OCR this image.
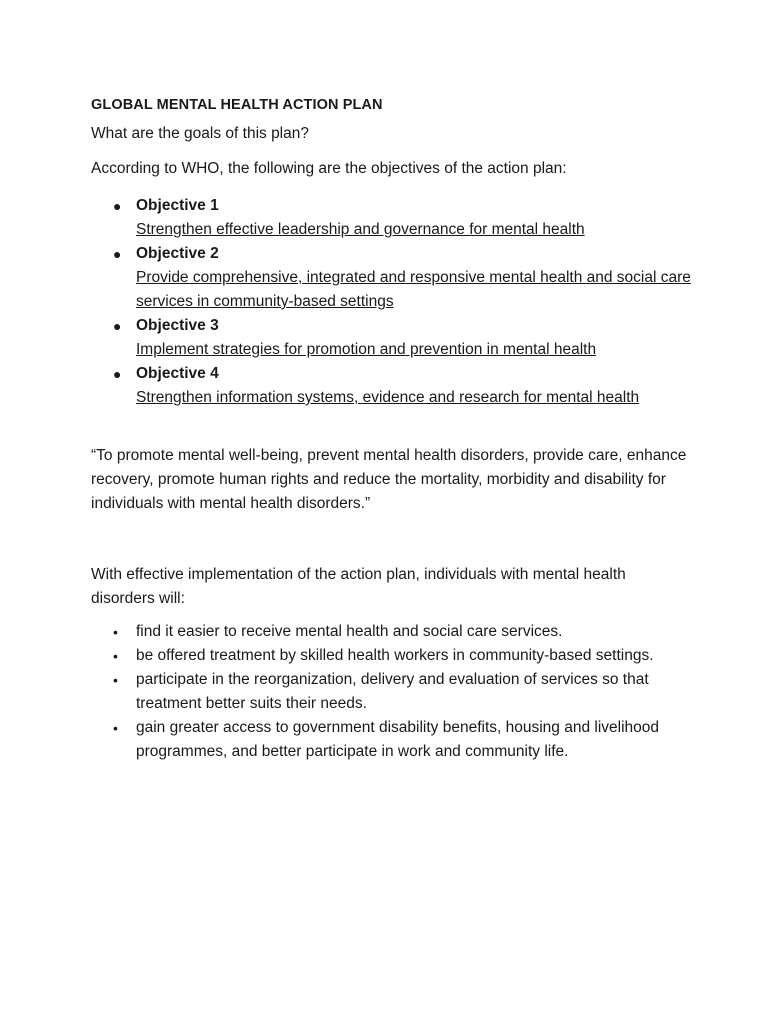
GLOBAL MENTAL HEALTH ACTION PLAN

What are the goals of this plan?

According to WHO, the following are the objectives of the action plan:

● Objective 1
Strengthen effective leadership and governance for mental health
● Objective 2
Provide comprehensive, integrated and responsive mental health and social care services in community-based settings
● Objective 3
Implement strategies for promotion and prevention in mental health
● Objective 4
Strengthen information systems, evidence and research for mental health

“To promote mental well-being, prevent mental health disorders, provide care, enhance recovery, promote human rights and reduce the mortality, morbidity and disability for individuals with mental health disorders.”

With effective implementation of the action plan, individuals with mental health disorders will:

• find it easier to receive mental health and social care services.
• be offered treatment by skilled health workers in community-based settings.
• participate in the reorganization, delivery and evaluation of services so that treatment better suits their needs.
• gain greater access to government disability benefits, housing and livelihood programmes, and better participate in work and community life.
